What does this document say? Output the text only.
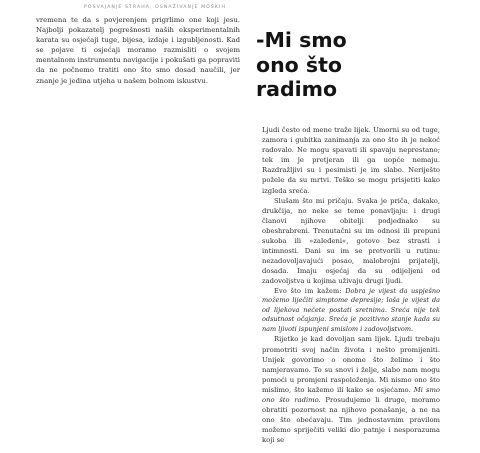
POSVAJANJE STRAHA, OSNAŽIVANJE MOŠKIH

vremena te da s povjerenjem prigrlimo one koji jesu. Najbolji pokazatelj pogrešnosti naših eksperimentalnih karata su osjećaji tuge, bijesa, izdaje i izgubljenosti. Kad se pojave ti osjećaji moramo razmisliti o svojem mentalnom instrumentu navigacije i pokušati ga popraviti da ne počnemo tratiti ono što smo dosad naučili, jer znanje je jedina utjeha u našem bolnom iskustvu.

-Mi smo
ono što
radimo

Ljudi često od mene traže lijek. Umorni su od tuge, zamora i gubitka zanimanja za ono što ih je nekoć radovalo. Ne mogu spavati ili spavaju neprestano; tek im je pretjeran ili ga uopće nemaju. Razdražljivi su i pesimisti je im slabo. Neriješto požele da su mrtvi. Teško se mogu prisjetiti kako izgleda sreća.

Slušam što mi pričaju. Svaka je priča, dakako, drukčija, no neke se teme ponavljaju: i drugi članovi njihove obitelji podjednako su obeshrabreni. Trenutačni su im odnosi ili prepuni sukoba ili »zaleđeni«, gotovo bez strasti i intimnosti. Dani su im se pretvorili u rutinu: nezadovoljavajući posao, malobrojni prijatelji, dosada. Imaju osjećaj da su odijeljeni od zadovoljstva u kojima uživaju drugi ljudi.

Evo što im kažem: Dobra je vijest da uspješno možemo liječiti simptome depresije; loša je vijest da od lijekova nećete postati sretnima. Sreća nije tek odsutnost očajanja. Sreća je pozitivno stanje kada su nam ljivoti ispunjeni smislom i zadovoljstvom.

Rijetko je kad dovoljan sam lijek. Ljudi trebaju promotriti svoj način života i nešto promijeniti. Unijek govorimo o onome što želimo i što namjeravamo. To su snovi i želje, slabo nam mogu pomoći u promjeni raspoloženja. Mi nismo ono što mislimo, što kažemo ili kako se osjećamo. Mi smo ono što radimo. Prosudujemo li druge, moramo obratiti pozornost na njihovo ponašanje, a ne na ono što obećavaju. Tim jednostavnim pravilom možemo spriječiti veliki dio patnje i nesporazuma koji se
